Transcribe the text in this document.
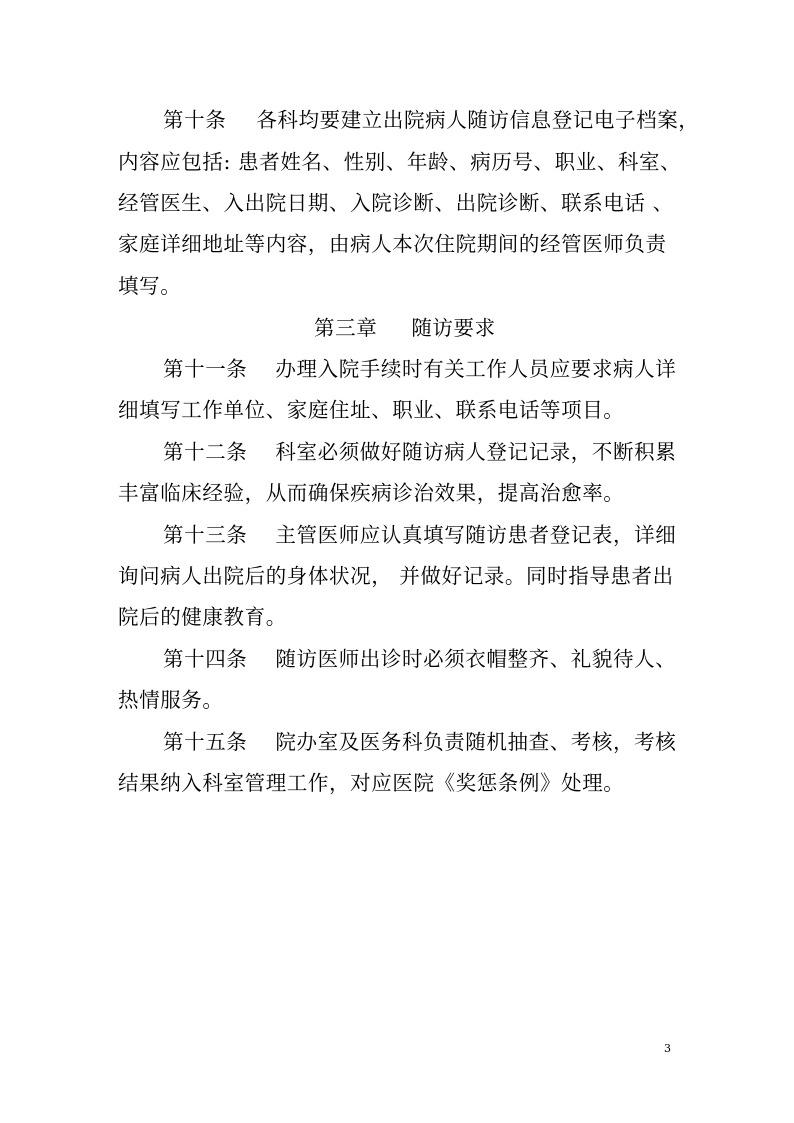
第十条 各科均要建立出院病人随访信息登记电子档案，
内容应包括: 患者姓名、性别、年龄、病历号、职业、科室、
经管医生、入出院日期、入院诊断、出院诊断、联系电话 、
家庭详细地址等内容，由病人本次住院期间的经管医师负责
填写。
第三章 随访要求
第十一条 办理入院手续时有关工作人员应要求病人详
细填写工作单位、家庭住址、职业、联系电话等项目。
第十二条 科室必须做好随访病人登记记录，不断积累
丰富临床经验，从而确保疾病诊治效果，提高治愈率。
第十三条 主管医师应认真填写随访患者登记表，详细
询问病人出院后的身体状况， 并做好记录。同时指导患者出
院后的健康教育。
第十四条 随访医师出诊时必须衣帽整齐、礼貌待人、
热情服务。
第十五条 院办室及医务科负责随机抽查、考核，考核
结果纳入科室管理工作，对应医院《奖惩条例》处理。
3
